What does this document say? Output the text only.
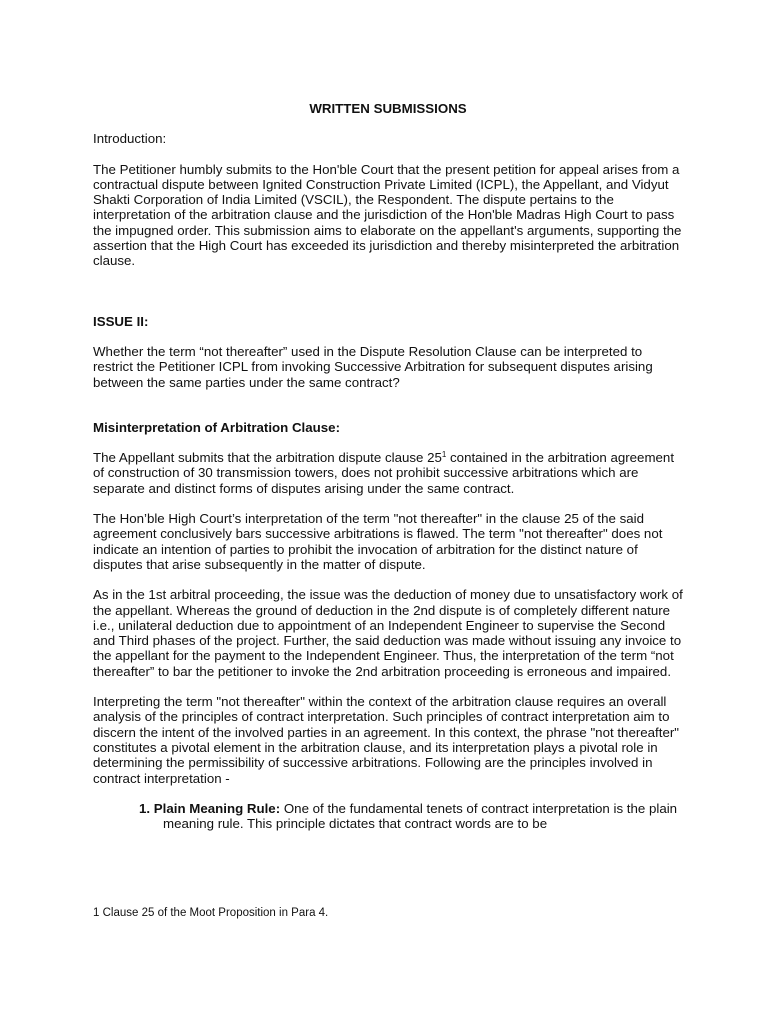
WRITTEN SUBMISSIONS
Introduction:

The Petitioner humbly submits to the Hon'ble Court that the present petition for appeal arises from a contractual dispute between Ignited Construction Private Limited (ICPL), the Appellant, and Vidyut Shakti Corporation of India Limited (VSCIL), the Respondent. The dispute pertains to the interpretation of the arbitration clause and the jurisdiction of the Hon'ble Madras High Court to pass the impugned order. This submission aims to elaborate on the appellant's arguments, supporting the assertion that the High Court has exceeded its jurisdiction and thereby misinterpreted the arbitration clause.

ISSUE II:

Whether the term “not thereafter” used in the Dispute Resolution Clause can be interpreted to restrict the Petitioner ICPL from invoking Successive Arbitration for subsequent disputes arising between the same parties under the same contract?

Misinterpretation of Arbitration Clause:

The Appellant submits that the arbitration dispute clause $25^1$ contained in the arbitration agreement of construction of 30 transmission towers, does not prohibit successive arbitrations which are separate and distinct forms of disputes arising under the same contract.

The Hon’ble High Court’s interpretation of the term "not thereafter" in the clause 25 of the said agreement conclusively bars successive arbitrations is flawed. The term "not thereafter" does not indicate an intention of parties to prohibit the invocation of arbitration for the distinct nature of disputes that arise subsequently in the matter of dispute.

As in the 1st arbitral proceeding, the issue was the deduction of money due to unsatisfactory work of the appellant. Whereas the ground of deduction in the 2nd dispute is of completely different nature i.e., unilateral deduction due to appointment of an Independent Engineer to supervise the Second and Third phases of the project. Further, the said deduction was made without issuing any invoice to the appellant for the payment to the Independent Engineer. Thus, the interpretation of the term “not thereafter” to bar the petitioner to invoke the 2nd arbitration proceeding is erroneous and impaired.

Interpreting the term "not thereafter" within the context of the arbitration clause requires an overall analysis of the principles of contract interpretation. Such principles of contract interpretation aim to discern the intent of the involved parties in an agreement. In this context, the phrase "not thereafter" constitutes a pivotal element in the arbitration clause, and its interpretation plays a pivotal role in determining the permissibility of successive arbitrations. Following are the principles involved in contract interpretation -

1. Plain Meaning Rule: One of the fundamental tenets of contract interpretation is the plain meaning rule. This principle dictates that contract words are to be
1 Clause 25 of the Moot Proposition in Para 4.
